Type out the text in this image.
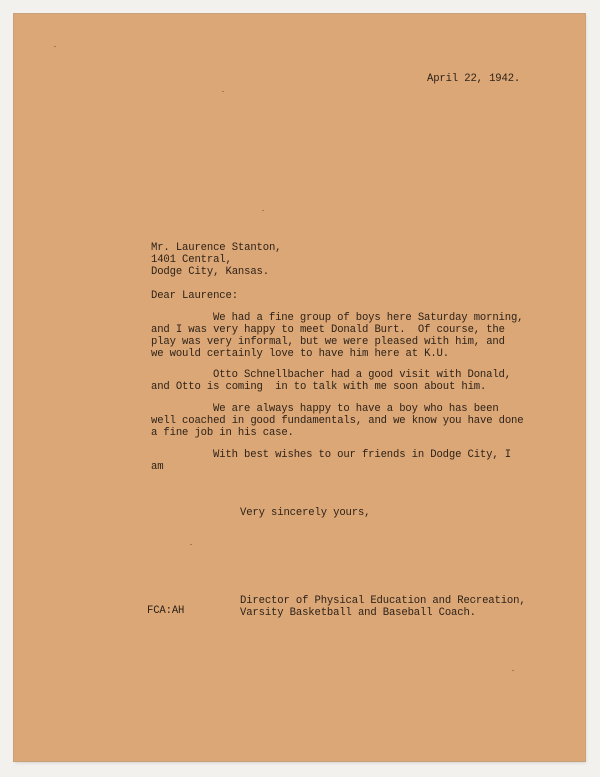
April 22, 1942.
Mr. Laurence Stanton,
1401 Central,
Dodge City, Kansas.
Dear Laurence:
We had a fine group of boys here Saturday morning,
and I was very happy to meet Donald Burt.  Of course, the
play was very informal, but we were pleased with him, and
we would certainly love to have him here at K.U.
Otto Schnellbacher had a good visit with Donald,
and Otto is coming  in to talk with me soon about him.
We are always happy to have a boy who has been
well coached in good fundamentals, and we know you have done
a fine job in his case.
With best wishes to our friends in Dodge City, I
am
Very sincerely yours,
Director of Physical Education and Recreation,
Varsity Basketball and Baseball Coach.
FCA:AH
